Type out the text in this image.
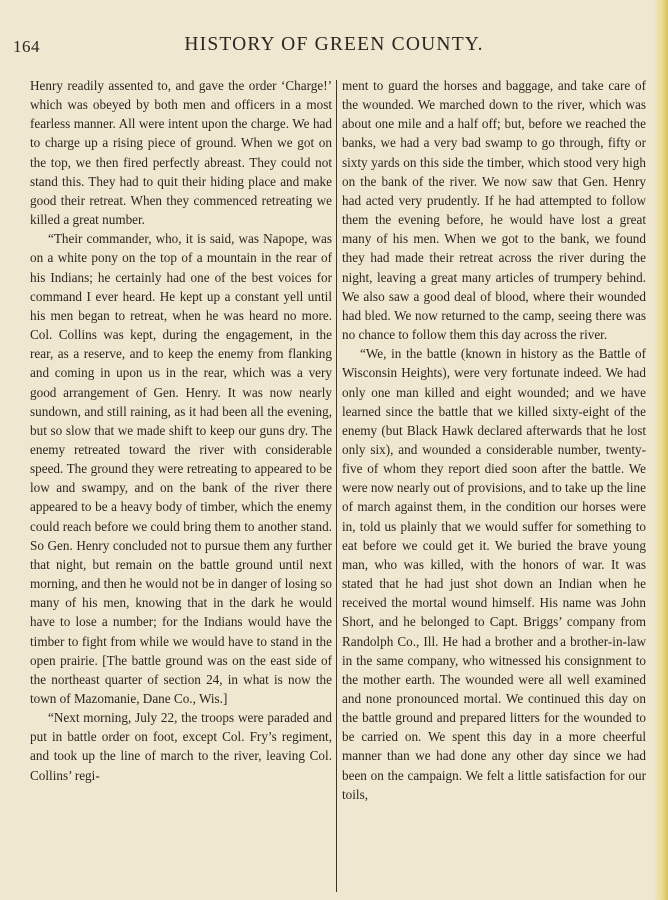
164	HISTORY OF GREEN COUNTY.

Henry readily assented to, and gave the order ‘Charge!’ which was obeyed by both men and officers in a most fearless manner. All were intent upon the charge. We had to charge up a rising piece of ground. When we got on the top, we then fired perfectly abreast. They could not stand this. They had to quit their hiding place and make good their retreat. When they commenced retreating we killed a great number.

“Their commander, who, it is said, was Napope, was on a white pony on the top of a mountain in the rear of his Indians; he certainly had one of the best voices for command I ever heard. He kept up a constant yell until his men began to retreat, when he was heard no more. Col. Collins was kept, during the engagement, in the rear, as a reserve, and to keep the enemy from flanking and coming in upon us in the rear, which was a very good arrangement of Gen. Henry. It was now nearly sundown, and still raining, as it had been all the evening, but so slow that we made shift to keep our guns dry. The enemy retreated toward the river with considerable speed. The ground they were retreating to appeared to be low and swampy, and on the bank of the river there appeared to be a heavy body of timber, which the enemy could reach before we could bring them to another stand. So Gen. Henry concluded not to pursue them any further that night, but remain on the battle ground until next morning, and then he would not be in danger of losing so many of his men, knowing that in the dark he would have to lose a number; for the Indians would have the timber to fight from while we would have to stand in the open prairie. [The battle ground was on the east side of the northeast quarter of section 24, in what is now the town of Mazomanie, Dane Co., Wis.]

“Next morning, July 22, the troops were paraded and put in battle order on foot, except Col. Fry’s regiment, and took up the line of march to the river, leaving Col. Collins’ regi-

ment to guard the horses and baggage, and take care of the wounded. We marched down to the river, which was about one mile and a half off; but, before we reached the banks, we had a very bad swamp to go through, fifty or sixty yards on this side the timber, which stood very high on the bank of the river. We now saw that Gen. Henry had acted very prudently. If he had attempted to follow them the evening before, he would have lost a great many of his men. When we got to the bank, we found they had made their retreat across the river during the night, leaving a great many articles of trumpery behind. We also saw a good deal of blood, where their wounded had bled. We now returned to the camp, seeing there was no chance to follow them this day across the river.

“We, in the battle (known in history as the Battle of Wisconsin Heights), were very fortunate indeed. We had only one man killed and eight wounded; and we have learned since the battle that we killed sixty-eight of the enemy (but Black Hawk declared afterwards that he lost only six), and wounded a considerable number, twenty-five of whom they report died soon after the battle. We were now nearly out of provisions, and to take up the line of march against them, in the condition our horses were in, told us plainly that we would suffer for something to eat before we could get it. We buried the brave young man, who was killed, with the honors of war. It was stated that he had just shot down an Indian when he received the mortal wound himself. His name was John Short, and he belonged to Capt. Briggs’ company from Randolph Co., Ill. He had a brother and a brother-in-law in the same company, who witnessed his consignment to the mother earth. The wounded were all well examined and none pronounced mortal. We continued this day on the battle ground and prepared litters for the wounded to be carried on. We spent this day in a more cheerful manner than we had done any other day since we had been on the campaign. We felt a little satisfaction for our toils,
